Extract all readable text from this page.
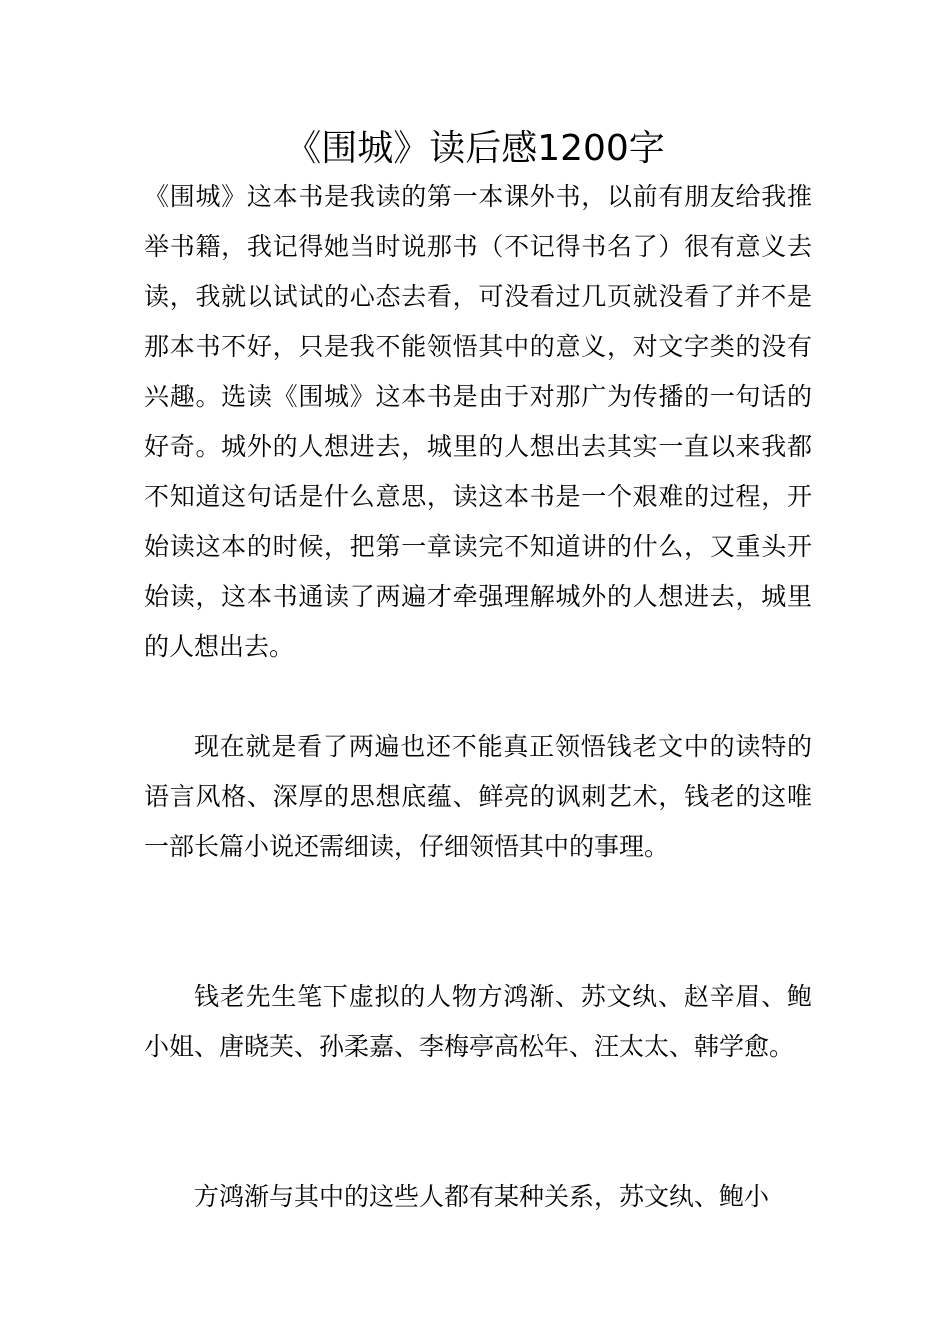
《围城》读后感1200字

《围城》这本书是我读的第一本课外书，以前有朋友给我推举书籍，我记得她当时说那书（不记得书名了）很有意义去读，我就以试试的心态去看，可没看过几页就没看了并不是那本书不好，只是我不能领悟其中的意义，对文字类的没有兴趣。选读《围城》这本书是由于对那广为传播的一句话的好奇。城外的人想进去，城里的人想出去其实一直以来我都不知道这句话是什么意思，读这本书是一个艰难的过程，开始读这本的时候，把第一章读完不知道讲的什么，又重头开始读，这本书通读了两遍才牵强理解城外的人想进去，城里的人想出去。

现在就是看了两遍也还不能真正领悟钱老文中的读特的语言风格、深厚的思想底蕴、鲜亮的讽刺艺术，钱老的这唯一部长篇小说还需细读，仔细领悟其中的事理。

钱老先生笔下虚拟的人物方鸿渐、苏文纨、赵辛眉、鲍小姐、唐晓芙、孙柔嘉、李梅亭高松年、汪太太、韩学愈。

方鸿渐与其中的这些人都有某种关系，苏文纨、鲍小
